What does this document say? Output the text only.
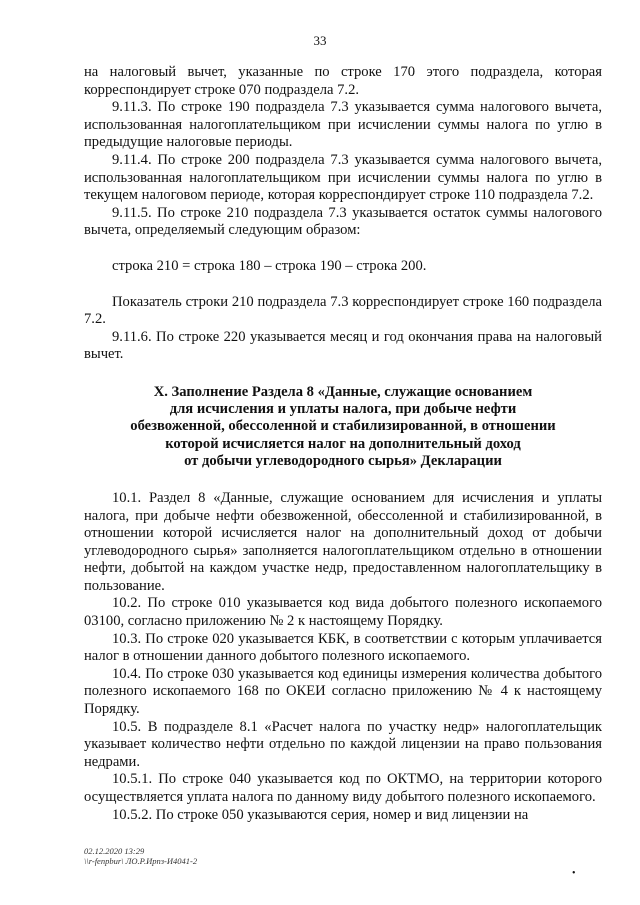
33

на налоговый вычет, указанные по строке 170 этого подраздела, которая корреспондирует строке 070 подраздела 7.2.

9.11.3. По строке 190 подраздела 7.3 указывается сумма налогового вычета, использованная налогоплательщиком при исчислении суммы налога по углю в предыдущие налоговые периоды.

9.11.4. По строке 200 подраздела 7.3 указывается сумма налогового вычета, использованная налогоплательщиком при исчислении суммы налога по углю в текущем налоговом периоде, которая корреспондирует строке 110 подраздела 7.2.

9.11.5. По строке 210 подраздела 7.3 указывается остаток суммы налогового вычета, определяемый следующим образом:

строка 210 = строка 180 – строка 190 – строка 200.

Показатель строки 210 подраздела 7.3 корреспондирует строке 160 подраздела 7.2.

9.11.6. По строке 220 указывается месяц и год окончания права на налоговый вычет.

X. Заполнение Раздела 8 «Данные, служащие основанием
для исчисления и уплаты налога, при добыче нефти
обезвоженной, обессоленной и стабилизированной, в отношении
которой исчисляется налог на дополнительный доход
от добычи углеводородного сырья» Декларации

10.1. Раздел 8 «Данные, служащие основанием для исчисления и уплаты налога, при добыче нефти обезвоженной, обессоленной и стабилизированной, в отношении которой исчисляется налог на дополнительный доход от добычи углеводородного сырья» заполняется налогоплательщиком отдельно в отношении нефти, добытой на каждом участке недр, предоставленном налогоплательщику в пользование.

10.2. По строке 010 указывается код вида добытого полезного ископаемого 03100, согласно приложению № 2 к настоящему Порядку.

10.3. По строке 020 указывается КБК, в соответствии с которым уплачивается налог в отношении данного добытого полезного ископаемого.

10.4. По строке 030 указывается код единицы измерения количества добытого полезного ископаемого 168 по ОКЕИ согласно приложению № 4 к настоящему Порядку.

10.5. В подразделе 8.1 «Расчет налога по участку недр» налогоплательщик указывает количество нефти отдельно по каждой лицензии на право пользования недрами.

10.5.1. По строке 040 указывается код по ОКТМО, на территории которого осуществляется уплата налога по данному виду добытого полезного ископаемого.

10.5.2. По строке 050 указываются серия, номер и вид лицензии на

02.12.2020 13:29
\\r-fenpbur\ ЛО.Р.Ирпз-И4041-2
•
